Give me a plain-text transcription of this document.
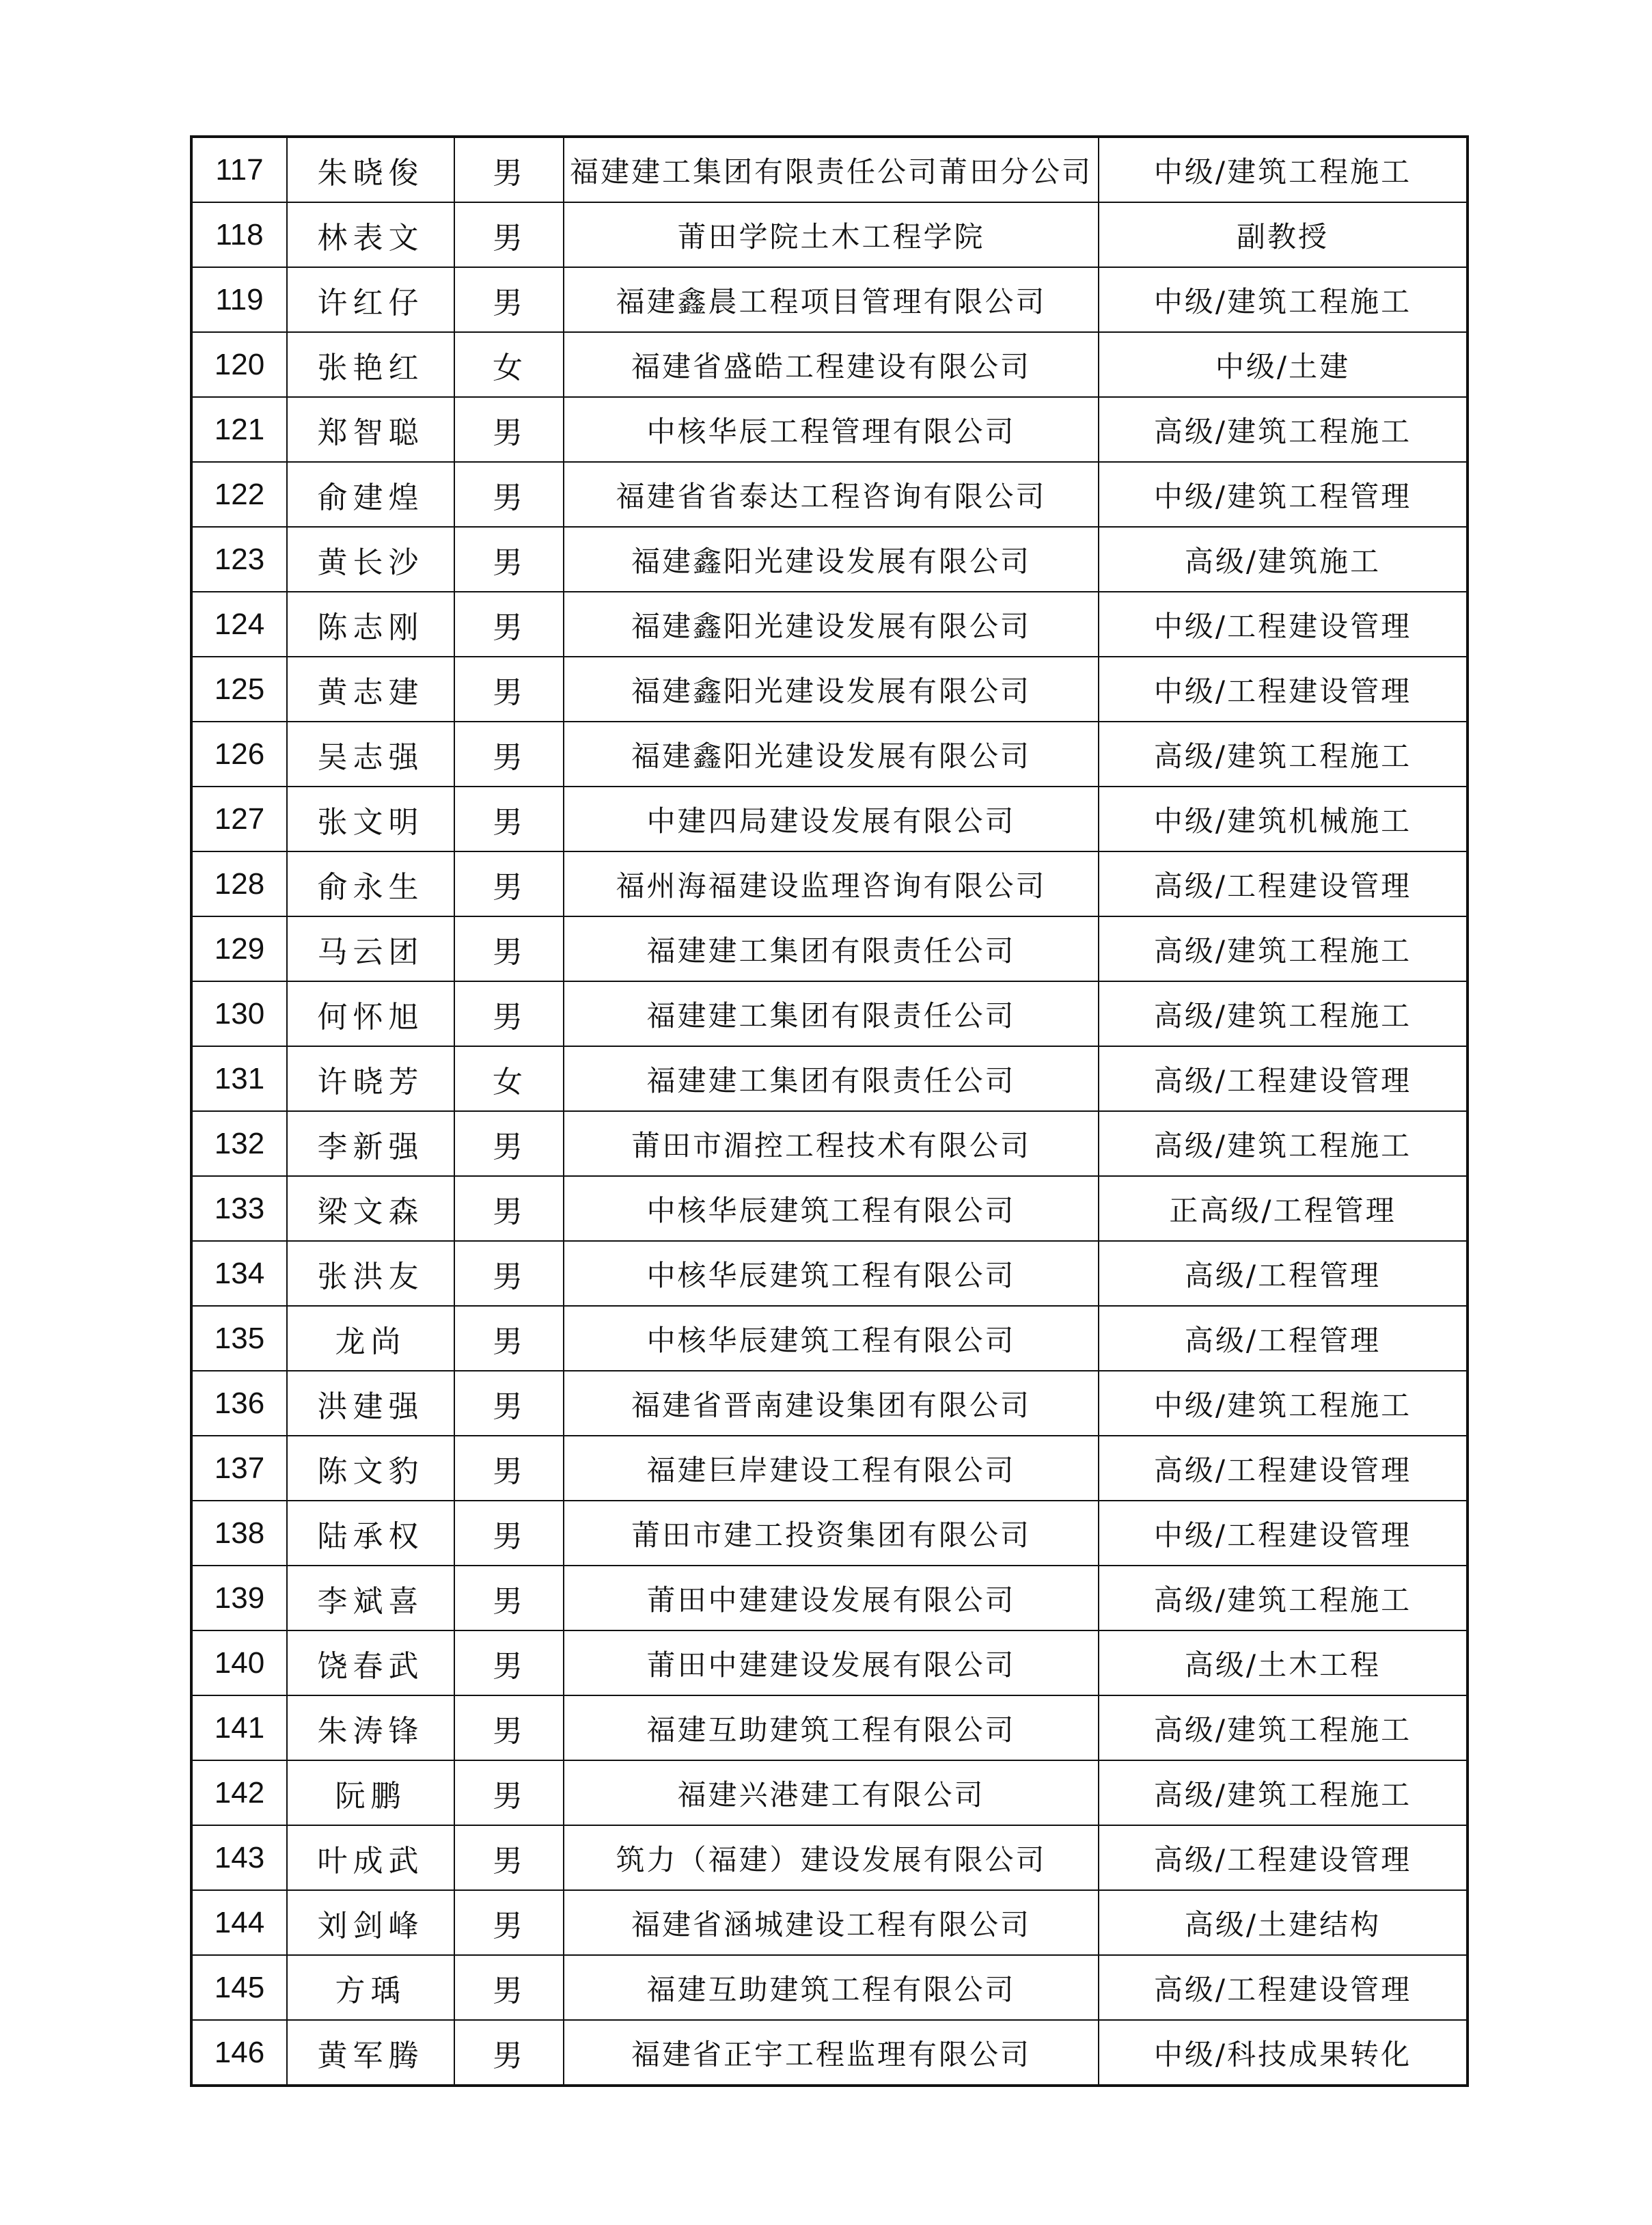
117	朱晓俊	男	福建建工集团有限责任公司莆田分公司	中级/建筑工程施工
118	林表文	男	莆田学院土木工程学院	副教授
119	许红仔	男	福建鑫晨工程项目管理有限公司	中级/建筑工程施工
120	张艳红	女	福建省盛皓工程建设有限公司	中级/土建
121	郑智聪	男	中核华辰工程管理有限公司	高级/建筑工程施工
122	俞建煌	男	福建省省泰达工程咨询有限公司	中级/建筑工程管理
123	黄长沙	男	福建鑫阳光建设发展有限公司	高级/建筑施工
124	陈志刚	男	福建鑫阳光建设发展有限公司	中级/工程建设管理
125	黄志建	男	福建鑫阳光建设发展有限公司	中级/工程建设管理
126	吴志强	男	福建鑫阳光建设发展有限公司	高级/建筑工程施工
127	张文明	男	中建四局建设发展有限公司	中级/建筑机械施工
128	俞永生	男	福州海福建设监理咨询有限公司	高级/工程建设管理
129	马云团	男	福建建工集团有限责任公司	高级/建筑工程施工
130	何怀旭	男	福建建工集团有限责任公司	高级/建筑工程施工
131	许晓芳	女	福建建工集团有限责任公司	高级/工程建设管理
132	李新强	男	莆田市湄控工程技术有限公司	高级/建筑工程施工
133	梁文森	男	中核华辰建筑工程有限公司	正高级/工程管理
134	张洪友	男	中核华辰建筑工程有限公司	高级/工程管理
135	龙尚	男	中核华辰建筑工程有限公司	高级/工程管理
136	洪建强	男	福建省晋南建设集团有限公司	中级/建筑工程施工
137	陈文豹	男	福建巨岸建设工程有限公司	高级/工程建设管理
138	陆承权	男	莆田市建工投资集团有限公司	中级/工程建设管理
139	李斌喜	男	莆田中建建设发展有限公司	高级/建筑工程施工
140	饶春武	男	莆田中建建设发展有限公司	高级/土木工程
141	朱涛锋	男	福建互助建筑工程有限公司	高级/建筑工程施工
142	阮鹏	男	福建兴港建工有限公司	高级/建筑工程施工
143	叶成武	男	筑力（福建）建设发展有限公司	高级/工程建设管理
144	刘剑峰	男	福建省涵城建设工程有限公司	高级/土建结构
145	方瑀	男	福建互助建筑工程有限公司	高级/工程建设管理
146	黄军腾	男	福建省正宇工程监理有限公司	中级/科技成果转化
